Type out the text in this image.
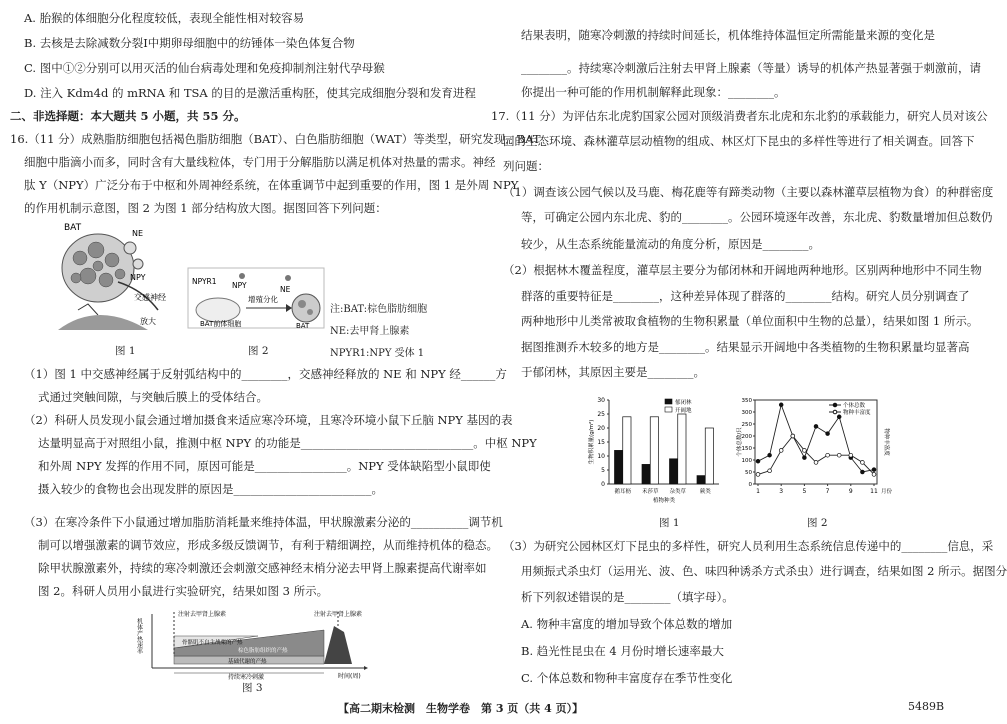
A. 胎猴的体细胞分化程度较低，表现全能性相对较容易
B. 去核是去除减数分裂Ⅰ中期卵母细胞中的纺锤体一染色体复合物
C. 图中①②分别可以用灭活的仙台病毒处理和免疫抑制剂注射代孕母猴
D. 注入 Kdm4d 的 mRNA 和 TSA 的目的是激活重构胚，使其完成细胞分裂和发育进程
二、非选择题：本大题共 5 小题，共 55 分。
16.（11 分）成熟脂肪细胞包括褐色脂肪细胞（BAT）、白色脂肪细胞（WAT）等类型，研究发现，BAT
细胞中脂滴小而多，同时含有大量线粒体，专门用于分解脂肪以满足机体对热量的需求。神经
肽 Y（NPY）广泛分布于中枢和外周神经系统，在体重调节中起到重要的作用，图 1 是外周 NPY
的作用机制示意图，图 2 为图 1 部分结构放大图。据图回答下列问题：
BAT
NE
NPY
交感神经
放大
NPYR1 NPY	NE
增殖分化
BAT前体细胞	BAT
注:BAT:棕色脂肪细胞
NE:去甲肾上腺素
NPYR1:NPY 受体 1
图 1	图 2
（1）图 1 中交感神经属于反射弧结构中的________，交感神经释放的 NE 和 NPY 经______方
式通过突触间隙，与突触后膜上的受体结合。
（2）科研人员发现小鼠会通过增加摄食来适应寒冷环境，且寒冷环境小鼠下丘脑 NPY 基因的表
达量明显高于对照组小鼠，推测中枢 NPY 的功能是______________________________。中枢 NPY
和外周 NPY 发挥的作用不同，原因可能是________________。NPY 受体缺陷型小鼠即使
摄入较少的食物也会出现发胖的原因是________________________。
（3）在寒冷条件下小鼠通过增加脂肪消耗量来维持体温，甲状腺激素分泌的__________调节机
制可以增强激素的调节效应，形成多级反馈调节，有利于精细调控，从而维持机体的稳态。
除甲状腺激素外，持续的寒冷刺激还会刺激交感神经末梢分泌去甲肾上腺素提高代谢率如
图 2。科研人员用小鼠进行实验研究，结果如图 3 所示。
机体产热速率
注射去甲肾上腺素	注射去甲肾上腺素
骨骼肌不自主战栗的产热
棕色脂肪组织的产热
基础代谢的产热
持续寒冷刺激	时间(周)
图 3
结果表明，随寒冷刺激的持续时间延长，机体维持体温恒定所需能量来源的变化是
________。持续寒冷刺激后注射去甲肾上腺素（等量）诱导的机体产热显著强于刺激前，请
你提出一种可能的作用机制解释此现象：________。
17.（11 分）为评估东北虎豹国家公园对顶级消费者东北虎和东北豹的承载能力，研究人员对该公
园的生态环境、森林灌草层动植物的组成、林区灯下昆虫的多样性等进行了相关调查。回答下
列问题：
（1）调查该公园气候以及马鹿、梅花鹿等有蹄类动物（主要以森林灌草层植物为食）的种群密度
等，可确定公园内东北虎、豹的________。公园环境逐年改善，东北虎、豹数量增加但总数仍
较少，从生态系统能量流动的角度分析，原因是________。
（2）根据林木覆盖程度，灌草层主要分为郁闭林和开阔地两种地形。区别两种地形中不同生物
群落的重要特征是________，这种差异体现了群落的________结构。研究人员分别调查了
两种地形中儿类常被取食植物的生物积累量（单位面积中生物的总量），结果如图 1 所示。
据图推测乔木较多的地方是________。结果显示开阔地中各类植物的生物积累量均显著高
于郁闭林，其原因主要是________。
0
5
10
15
20
25
30
生物积累量(g/m²)
鹅耳枥 禾莎草 杂类草 蕨类
植物种类
郁闭林
开阔地
0
50
100
150
200
250
300
350
1	3	5	7	9	11 月份
个体总数/只	物种丰富度
个体总数
物种丰富度
图 1	图 2
（3）为研究公园林区灯下昆虫的多样性，研究人员利用生态系统信息传递中的________信息，采
用频振式杀虫灯（运用光、波、色、味四种诱杀方式杀虫）进行调查，结果如图 2 所示。据图分
析下列叙述错误的是________（填字母）。
A. 物种丰富度的增加导致个体总数的增加
B. 趋光性昆虫在 4 月份时增长速率最大
C. 个体总数和物种丰富度存在季节性变化
【高二期末检测　生物学卷　第 3 页（共 4 页）】	5489B
